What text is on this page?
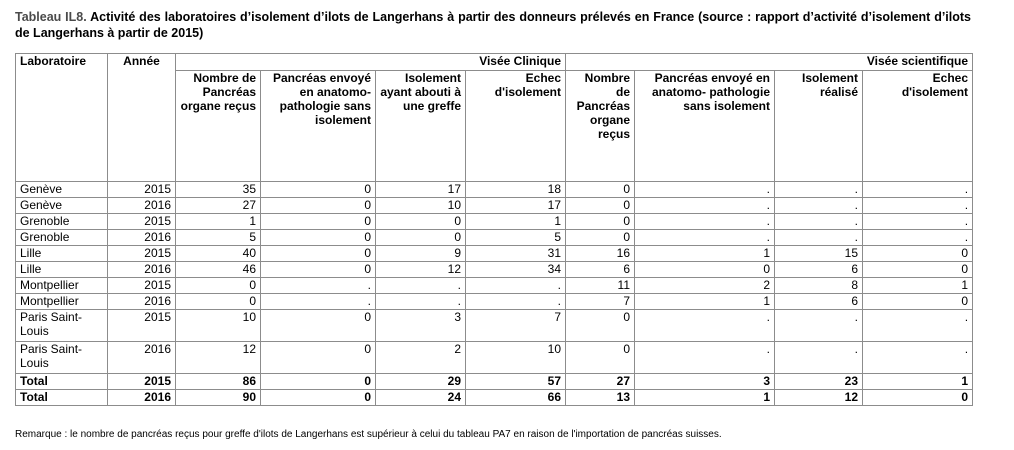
Tableau IL8. Activité des laboratoires d’isolement d’ilots de Langerhans à partir des donneurs prélevés en France (source : rapport d’activité d’isolement d’ilots de Langerhans à partir de 2015)
Laboratoire	Année	Visée Clinique				Visée scientifique			
		Nombre de Pancréas organe reçus	Pancréas envoyé en anatomo- pathologie sans isolement	Isolement ayant abouti à une greffe	Echec d'isolement	Nombre de Pancréas organe reçus	Pancréas envoyé en anatomo- pathologie sans isolement	Isolement réalisé	Echec d'isolement
Genève	2015	35	0	17	18	0	.	.	.
Genève	2016	27	0	10	17	0	.	.	.
Grenoble	2015	1	0	0	1	0	.	.	.
Grenoble	2016	5	0	0	5	0	.	.	.
Lille	2015	40	0	9	31	16	1	15	0
Lille	2016	46	0	12	34	6	0	6	0
Montpellier	2015	0	.	.	.	11	2	8	1
Montpellier	2016	0	.	.	.	7	1	6	0
Paris Saint-Louis	2015	10	0	3	7	0	.	.	.
Paris Saint-Louis	2016	12	0	2	10	0	.	.	.
Total	2015	86	0	29	57	27	3	23	1
Total	2016	90	0	24	66	13	1	12	0
Remarque : le nombre de pancréas reçus pour greffe d'ilots de Langerhans est supérieur à celui du tableau PA7 en raison de l'importation de pancréas suisses.
